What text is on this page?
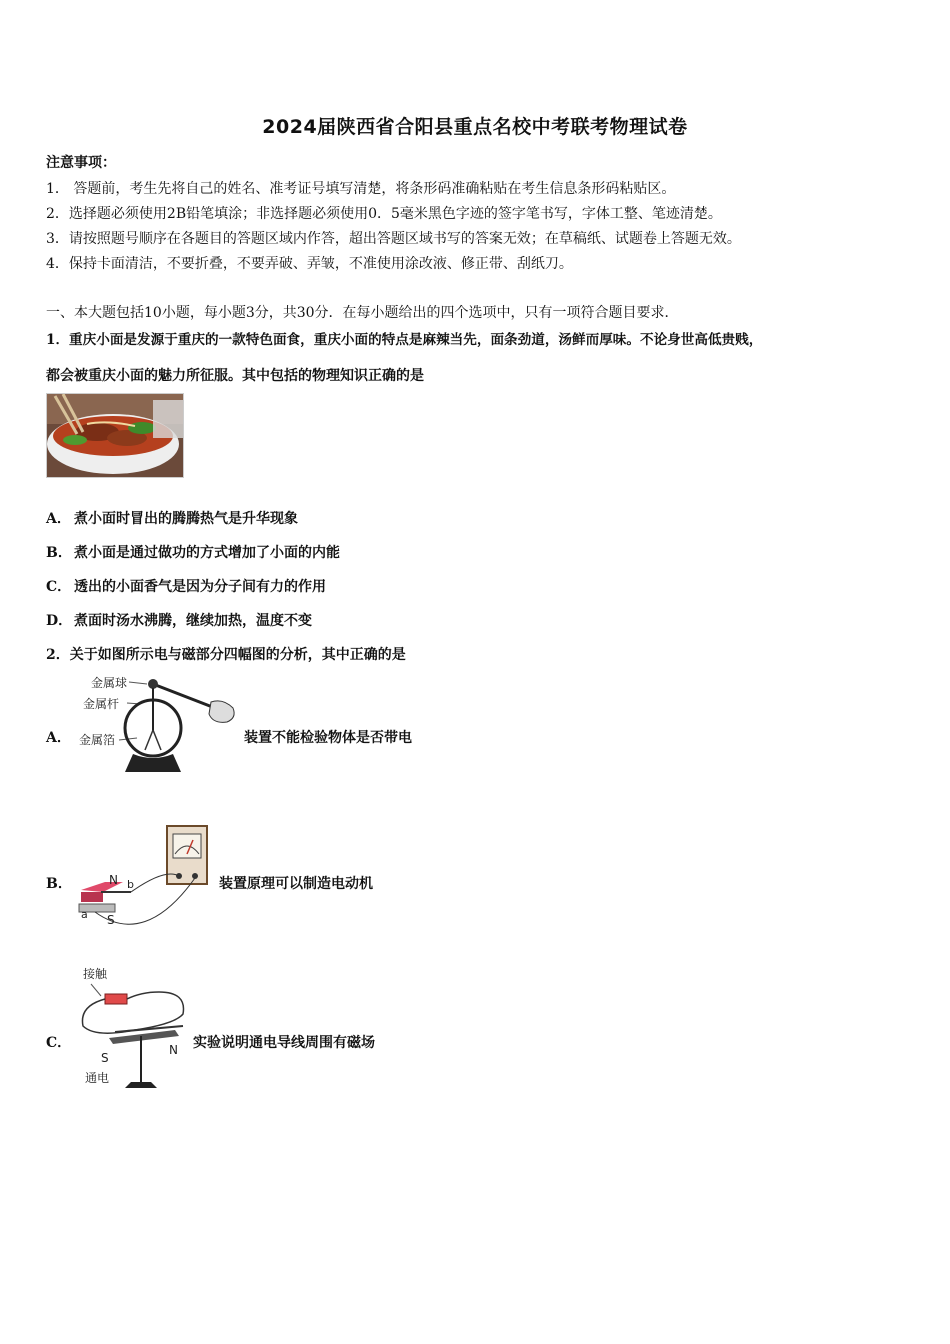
2024届陕西省合阳县重点名校中考联考物理试卷
注意事项：
1． 答题前，考生先将自己的姓名、准考证号填写清楚，将条形码准确粘贴在考生信息条形码粘贴区。
2．选择题必须使用2B铅笔填涂；非选择题必须使用0．5毫米黑色字迹的签字笔书写，字体工整、笔迹清楚。
3．请按照题号顺序在各题目的答题区域内作答，超出答题区域书写的答案无效；在草稿纸、试题卷上答题无效。
4．保持卡面清洁，不要折叠，不要弄破、弄皱，不准使用涂改液、修正带、刮纸刀。
一、本大题包括10小题，每小题3分，共30分．在每小题给出的四个选项中，只有一项符合题目要求．
1．重庆小面是发源于重庆的一款特色面食，重庆小面的特点是麻辣当先，面条劲道，汤鲜而厚味。不论身世高低贵贱，
都会被重庆小面的魅力所征服。其中包括的物理知识正确的是
A． 煮小面时冒出的腾腾热气是升华现象
B． 煮小面是通过做功的方式增加了小面的内能
C． 透出的小面香气是因为分子间有力的作用
D． 煮面时汤水沸腾，继续加热，温度不变
2．关于如图所示电与磁部分四幅图的分析，其中正确的是
A．
金属球
金属杆
金属箔	装置不能检验物体是否带电
B．	N b
a S
装置原理可以制造电动机
C．
接触
S
N
通电
实验说明通电导线周围有磁场
